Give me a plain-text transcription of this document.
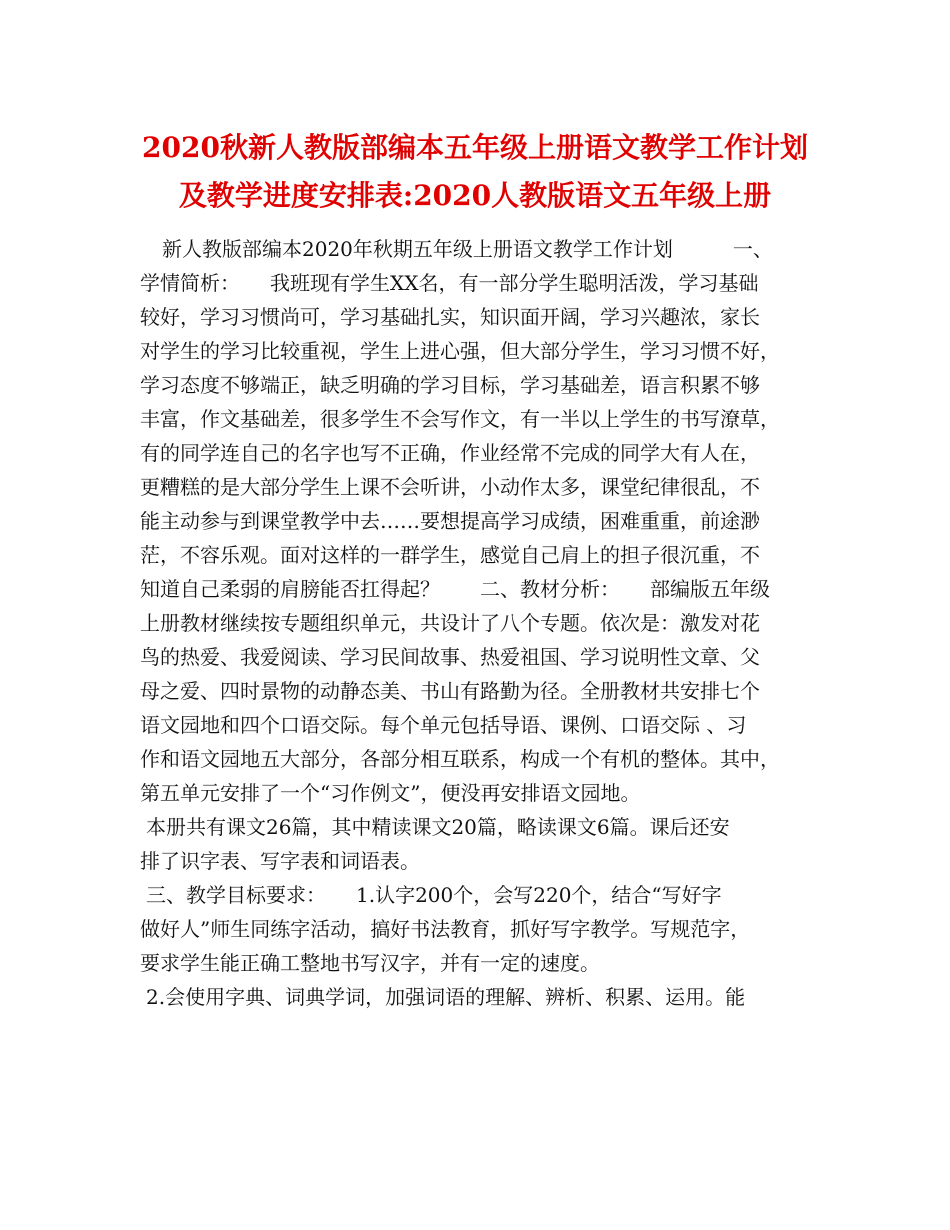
2020秋新人教版部编本五年级上册语文教学工作计划
及教学进度安排表:2020人教版语文五年级上册
新人教版部编本2020年秋期五年级上册语文教学工作计划　　　一、
学情简析：　　我班现有学生XX名，有一部分学生聪明活泼，学习基础
较好，学习习惯尚可，学习基础扎实，知识面开阔，学习兴趣浓，家长
对学生的学习比较重视，学生上进心强，但大部分学生，学习习惯不好，
学习态度不够端正，缺乏明确的学习目标，学习基础差，语言积累不够
丰富，作文基础差，很多学生不会写作文，有一半以上学生的书写潦草，
有的同学连自己的名字也写不正确，作业经常不完成的同学大有人在，
更糟糕的是大部分学生上课不会听讲，小动作太多，课堂纪律很乱，不
能主动参与到课堂教学中去……要想提高学习成绩，困难重重，前途渺
茫，不容乐观。面对这样的一群学生，感觉自己肩上的担子很沉重，不
知道自己柔弱的肩膀能否扛得起？　　二、教材分析：　　部编版五年级
上册教材继续按专题组织单元，共设计了八个专题。依次是：激发对花
鸟的热爱、我爱阅读、学习民间故事、热爱祖国、学习说明性文章、父
母之爱、四时景物的动静态美、书山有路勤为径。全册教材共安排七个
语文园地和四个口语交际。每个单元包括导语、课例、口语交际 、习
作和语文园地五大部分，各部分相互联系，构成一个有机的整体。其中，
第五单元安排了一个“习作例文”，便没再安排语文园地。
本册共有课文26篇，其中精读课文20篇，略读课文6篇。课后还安
排了识字表、写字表和词语表。
三、教学目标要求：　　1.认字200个，会写220个，结合“写好字
做好人”师生同练字活动，搞好书法教育，抓好写字教学。写规范字，
要求学生能正确工整地书写汉字，并有一定的速度。
2.会使用字典、词典学词，加强词语的理解、辨析、积累、运用。能
